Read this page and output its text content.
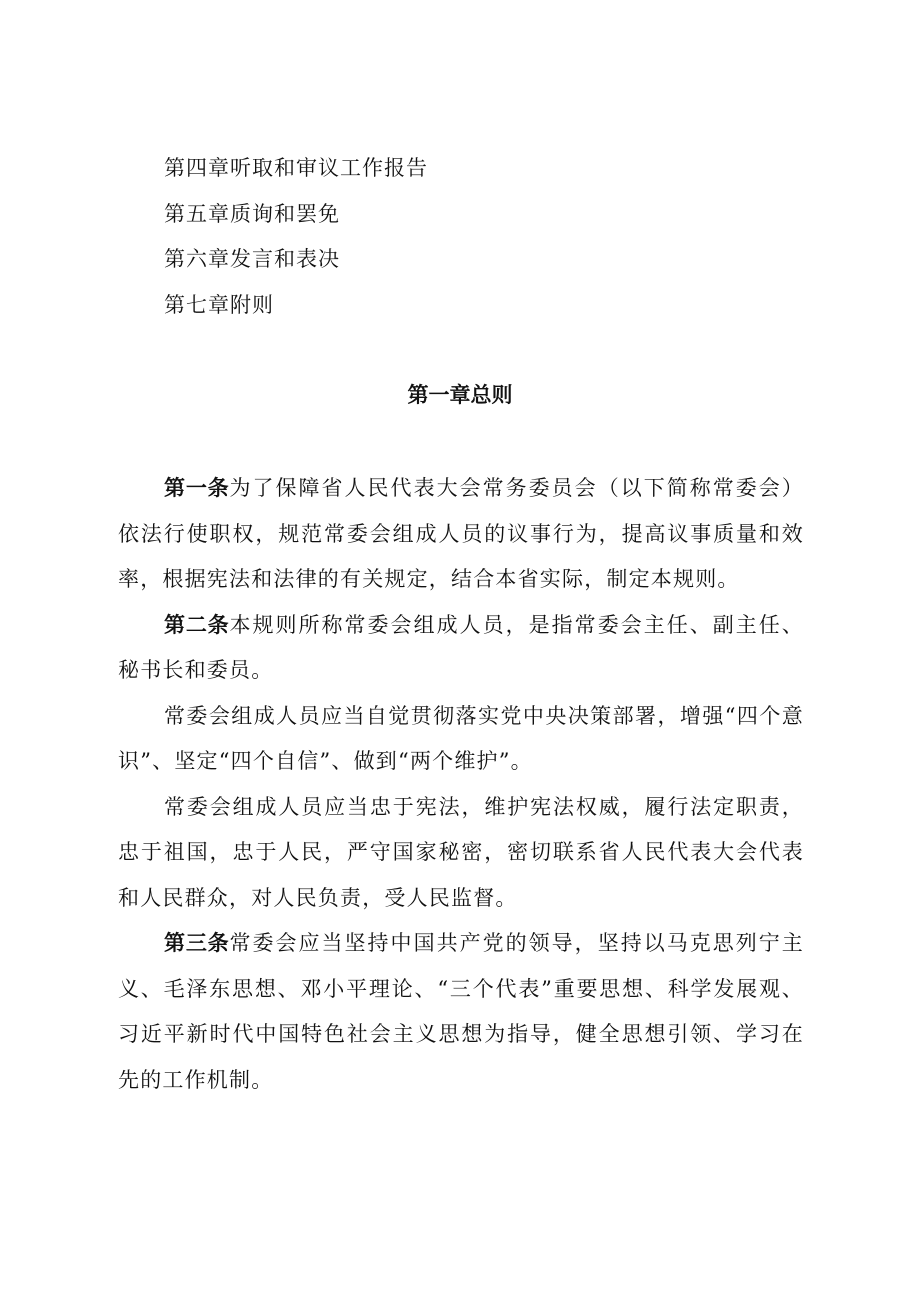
第四章听取和审议工作报告
第五章质询和罢免
第六章发言和表决
第七章附则
第一章总则

第一条为了保障省人民代表大会常务委员会（以下简称常委会）依法行使职权，规范常委会组成人员的议事行为，提高议事质量和效率，根据宪法和法律的有关规定，结合本省实际，制定本规则。

第二条本规则所称常委会组成人员，是指常委会主任、副主任、秘书长和委员。

常委会组成人员应当自觉贯彻落实党中央决策部署，增强“四个意识”、坚定“四个自信”、做到“两个维护”。

常委会组成人员应当忠于宪法，维护宪法权威，履行法定职责，忠于祖国，忠于人民，严守国家秘密，密切联系省人民代表大会代表和人民群众，对人民负责，受人民监督。

第三条常委会应当坚持中国共产党的领导，坚持以马克思列宁主义、毛泽东思想、邓小平理论、“三个代表”重要思想、科学发展观、习近平新时代中国特色社会主义思想为指导，健全思想引领、学习在先的工作机制。
